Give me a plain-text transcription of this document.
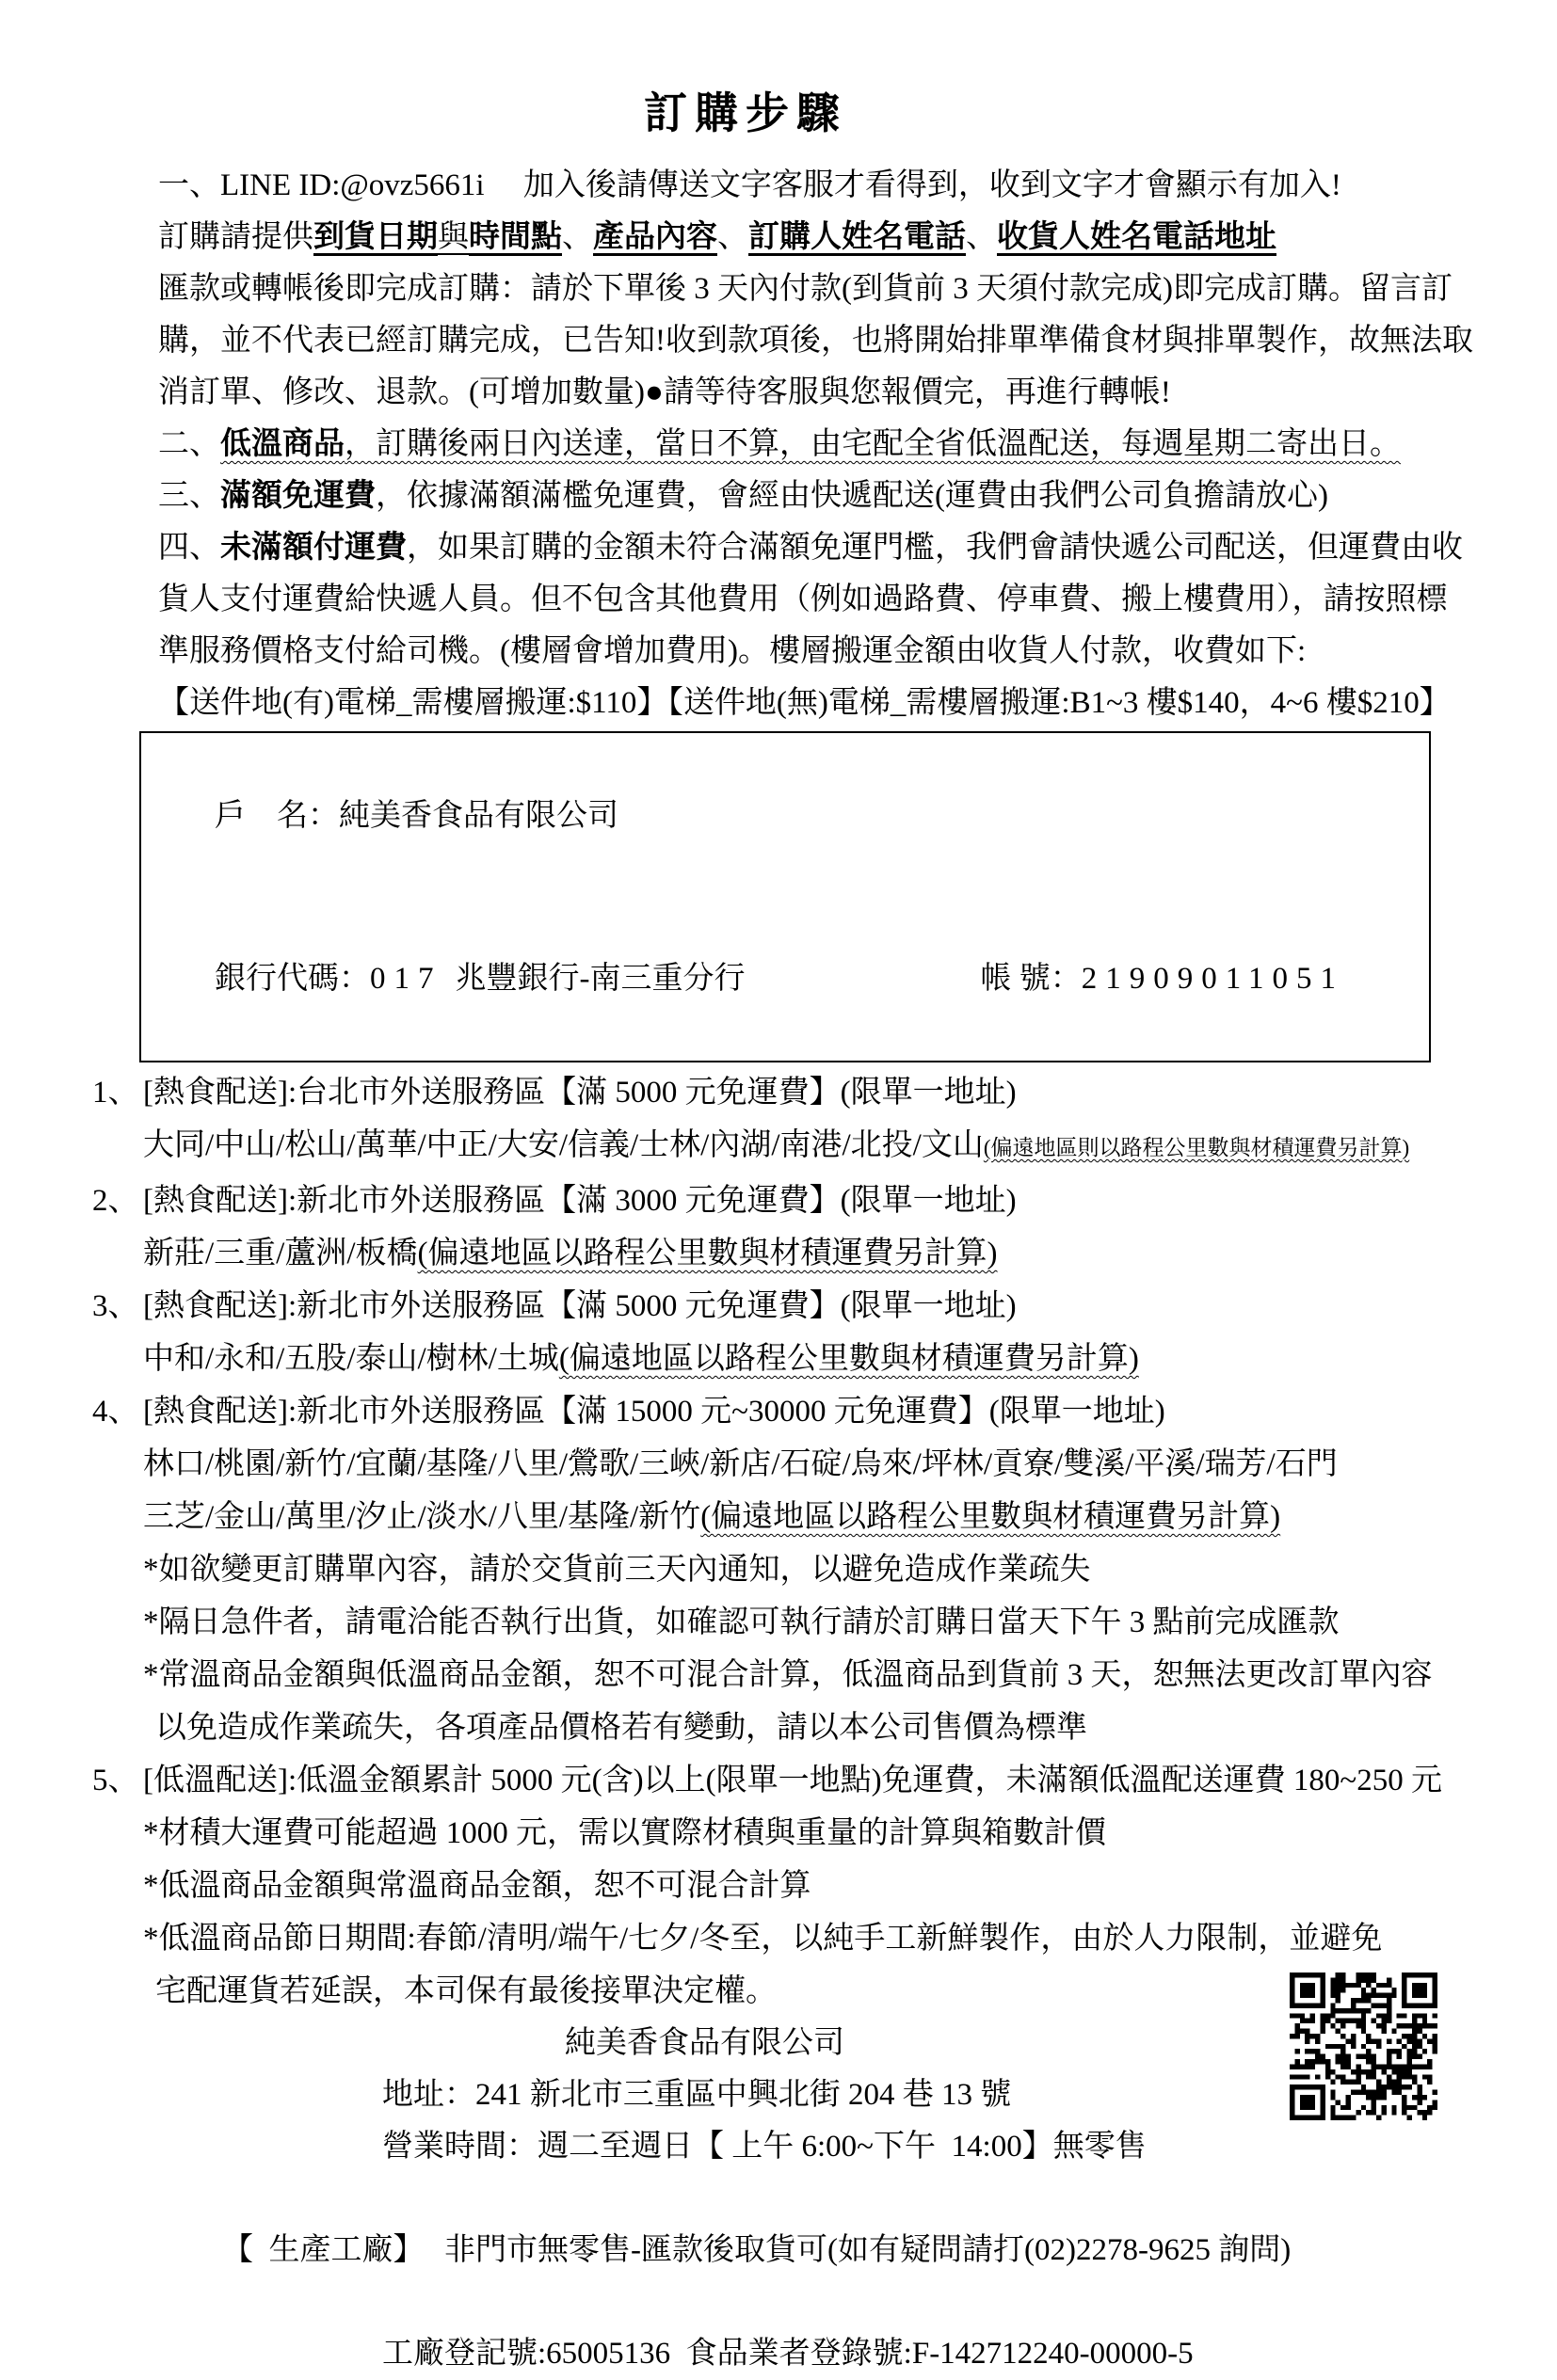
訂購步驟
一、LINE ID:@ovz5661i　 加入後請傳送文字客服才看得到，收到文字才會顯示有加入!
訂購請提供到貨日期與時間點、產品內容、訂購人姓名電話、收貨人姓名電話地址
匯款或轉帳後即完成訂購：請於下單後 3 天內付款(到貨前 3 天須付款完成)即完成訂購。留言訂
購，並不代表已經訂購完成，已告知!收到款項後，也將開始排單準備食材與排單製作，故無法取
消訂單、修改、退款。(可增加數量)●請等待客服與您報價完，再進行轉帳!
二、低溫商品，訂購後兩日內送達，當日不算，由宅配全省低溫配送，每週星期二寄出日。
三、滿額免運費，依據滿額滿檻免運費，會經由快遞配送(運費由我們公司負擔請放心)
四、未滿額付運費，如果訂購的金額未符合滿額免運門檻，我們會請快遞公司配送，但運費由收
貨人支付運費給快遞人員。但不包含其他費用（例如過路費、停車費、搬上樓費用），請按照標
準服務價格支付給司機。(樓層會增加費用)。樓層搬運金額由收貨人付款，收費如下:
【送件地(有)電梯_需樓層搬運:$110】【送件地(無)電梯_需樓層搬運:B1~3 樓$140，4~6 樓$210】

戶　名：純美香食品有限公司

銀行代碼：017 兆豐銀行-南三重分行	帳 號：21909011051

1、 [熱食配送]:台北市外送服務區【滿 5000 元免運費】(限單一地址)
大同/中山/松山/萬華/中正/大安/信義/士林/內湖/南港/北投/文山(偏遠地區則以路程公里數與材積運費另計算)
2、 [熱食配送]:新北市外送服務區【滿 3000 元免運費】(限單一地址)
新莊/三重/蘆洲/板橋(偏遠地區以路程公里數與材積運費另計算)
3、 [熱食配送]:新北市外送服務區【滿 5000 元免運費】(限單一地址)
中和/永和/五股/泰山/樹林/土城(偏遠地區以路程公里數與材積運費另計算)
4、 [熱食配送]:新北市外送服務區【滿 15000 元~30000 元免運費】(限單一地址)
林口/桃園/新竹/宜蘭/基隆/八里/鶯歌/三峽/新店/石碇/烏來/坪林/貢寮/雙溪/平溪/瑞芳/石門
三芝/金山/萬里/汐止/淡水/八里/基隆/新竹(偏遠地區以路程公里數與材積運費另計算)
*如欲變更訂購單內容，請於交貨前三天內通知，以避免造成作業疏失
*隔日急件者，請電洽能否執行出貨，如確認可執行請於訂購日當天下午 3 點前完成匯款
*常溫商品金額與低溫商品金額，恕不可混合計算，低溫商品到貨前 3 天，恕無法更改訂單內容
以免造成作業疏失，各項產品價格若有變動，請以本公司售價為標準
5、 [低溫配送]:低溫金額累計 5000 元(含)以上(限單一地點)免運費，未滿額低溫配送運費 180~250 元
*材積大運費可能超過 1000 元，需以實際材積與重量的計算與箱數計價
*低溫商品金額與常溫商品金額，恕不可混合計算
*低溫商品節日期間:春節/清明/端午/七夕/冬至，以純手工新鮮製作，由於人力限制，並避免
宅配運貨若延誤，本司保有最後接單決定權。
純美香食品有限公司
地址：241 新北市三重區中興北街 204 巷 13 號
營業時間：週二至週日【 上午 6:00~下午  14:00】無零售

【  生產工廠】 非門市無零售-匯款後取貨可(如有疑問請打(02)2278-9625 詢問)

工廠登記號:65005136  食品業者登錄號:F-142712240-00000-5
